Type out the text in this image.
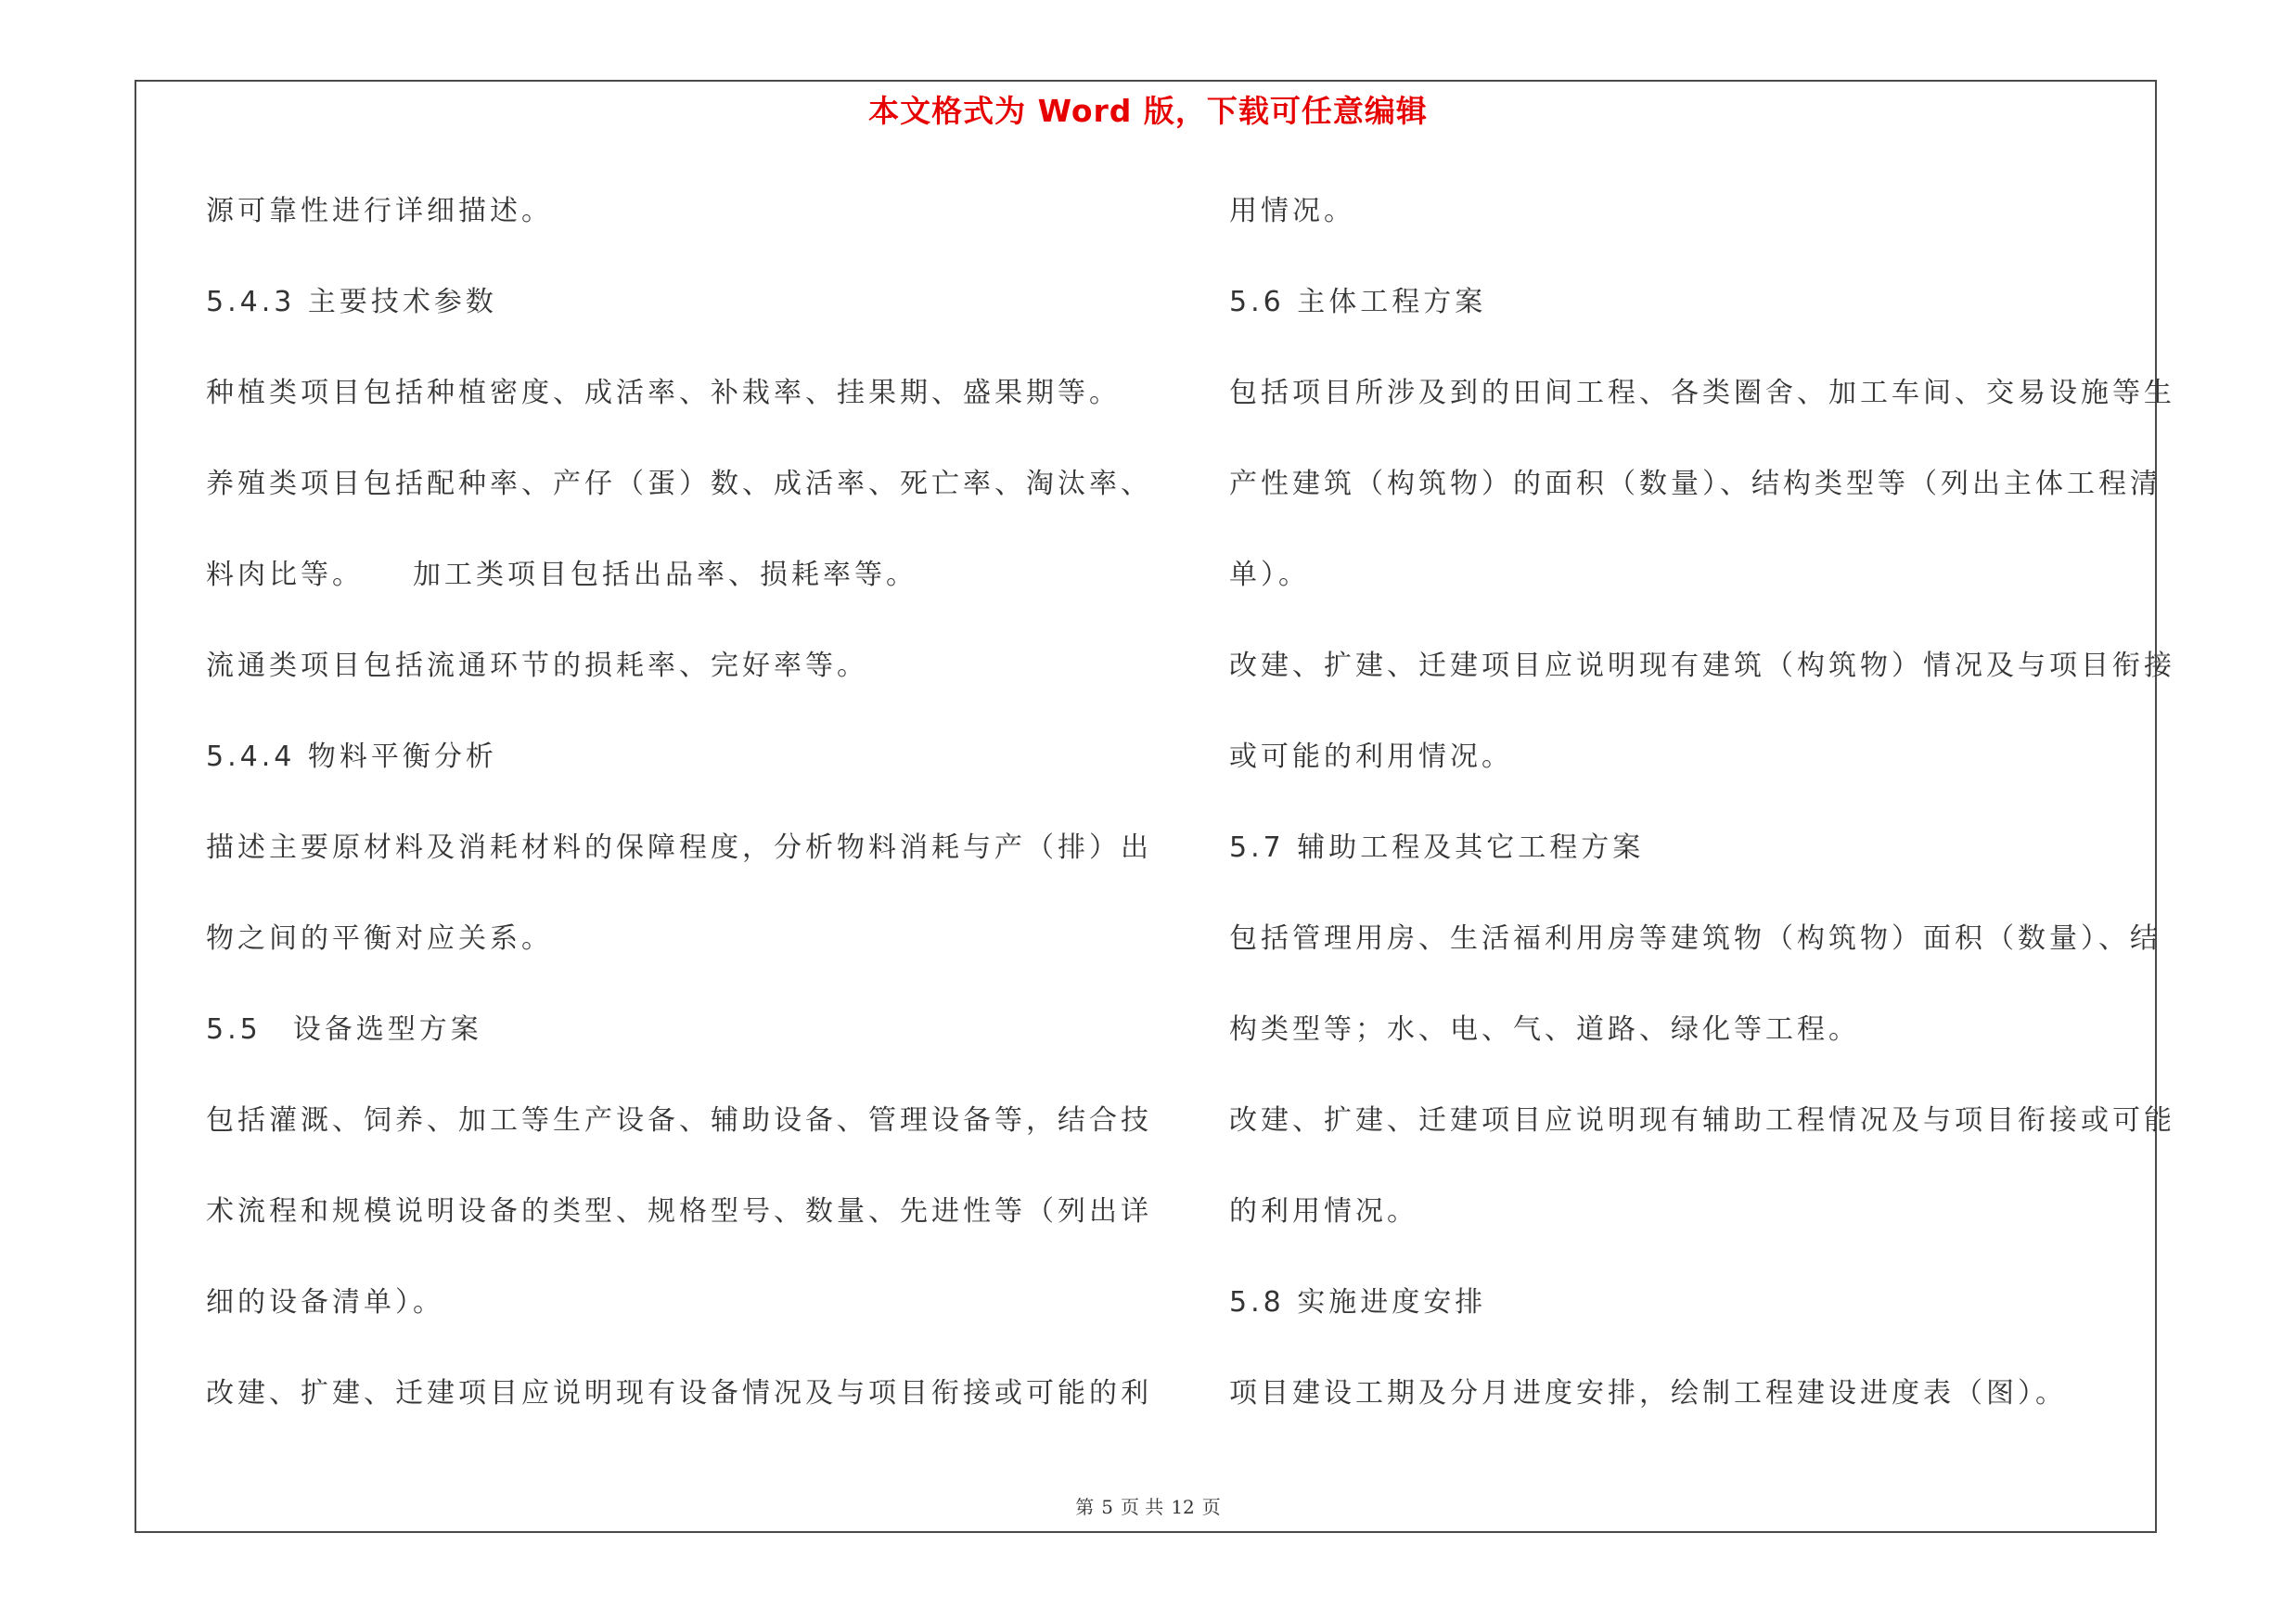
本文格式为 Word 版，下载可任意编辑
源可靠性进行详细描述。
5.4.3 主要技术参数
种植类项目包括种植密度、成活率、补栽率、挂果期、盛果期等。
养殖类项目包括配种率、产仔（蛋）数、成活率、死亡率、淘汰率、
料肉比等。　　加工类项目包括出品率、损耗率等。
流通类项目包括流通环节的损耗率、完好率等。
5.4.4 物料平衡分析
描述主要原材料及消耗材料的保障程度，分析物料消耗与产（排）出
物之间的平衡对应关系。
5.5　设备选型方案
包括灌溉、饲养、加工等生产设备、辅助设备、管理设备等，结合技
术流程和规模说明设备的类型、规格型号、数量、先进性等（列出详
细的设备清单）。
改建、扩建、迁建项目应说明现有设备情况及与项目衔接或可能的利
用情况。
5.6 主体工程方案
包括项目所涉及到的田间工程、各类圈舍、加工车间、交易设施等生
产性建筑（构筑物）的面积（数量）、结构类型等（列出主体工程清
单）。
改建、扩建、迁建项目应说明现有建筑（构筑物）情况及与项目衔接
或可能的利用情况。
5.7 辅助工程及其它工程方案
包括管理用房、生活福利用房等建筑物（构筑物）面积（数量）、结
构类型等；水、电、气、道路、绿化等工程。
改建、扩建、迁建项目应说明现有辅助工程情况及与项目衔接或可能
的利用情况。
5.8 实施进度安排
项目建设工期及分月进度安排，绘制工程建设进度表（图）。
第 5 页 共 12 页
